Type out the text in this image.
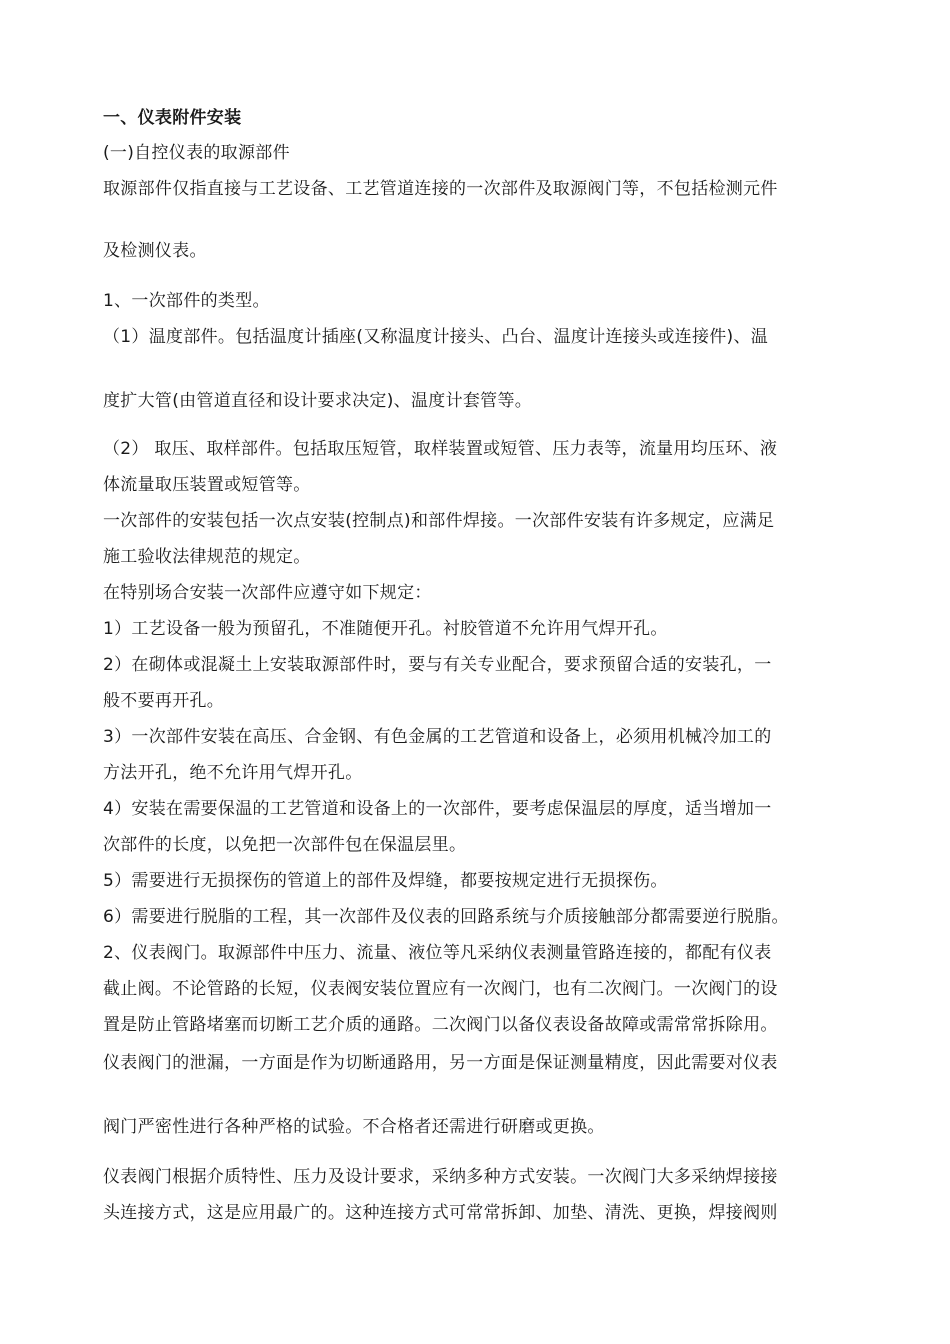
一、仪表附件安装
(一)自控仪表的取源部件
取源部件仅指直接与工艺设备、工艺管道连接的一次部件及取源阀门等，不包括检测元件
及检测仪表。
1、一次部件的类型。
（1）温度部件。包括温度计插座(又称温度计接头、凸台、温度计连接头或连接件)、温
度扩大管(由管道直径和设计要求决定)、温度计套管等。
（2） 取压、取样部件。包括取压短管，取样装置或短管、压力表等，流量用均压环、液
体流量取压装置或短管等。
一次部件的安装包括一次点安装(控制点)和部件焊接。一次部件安装有许多规定，应满足
施工验收法律规范的规定。
在特别场合安装一次部件应遵守如下规定：
1）工艺设备一般为预留孔，不准随便开孔。衬胶管道不允许用气焊开孔。
2）在砌体或混凝土上安装取源部件时，要与有关专业配合，要求预留合适的安装孔，一
般不要再开孔。
3）一次部件安装在高压、合金钢、有色金属的工艺管道和设备上，必须用机械冷加工的
方法开孔，绝不允许用气焊开孔。
4）安装在需要保温的工艺管道和设备上的一次部件，要考虑保温层的厚度，适当增加一
次部件的长度，以免把一次部件包在保温层里。
5）需要进行无损探伤的管道上的部件及焊缝，都要按规定进行无损探伤。
6）需要进行脱脂的工程，其一次部件及仪表的回路系统与介质接触部分都需要逆行脱脂。
2、仪表阀门。取源部件中压力、流量、液位等凡采纳仪表测量管路连接的，都配有仪表
截止阀。不论管路的长短，仪表阀安装位置应有一次阀门，也有二次阀门。一次阀门的设
置是防止管路堵塞而切断工艺介质的通路。二次阀门以备仪表设备故障或需常常拆除用。
仪表阀门的泄漏，一方面是作为切断通路用，另一方面是保证测量精度，因此需要对仪表
阀门严密性进行各种严格的试验。不合格者还需进行研磨或更换。
仪表阀门根据介质特性、压力及设计要求，采纳多种方式安装。一次阀门大多采纳焊接接
头连接方式，这是应用最广的。这种连接方式可常常拆卸、加垫、清洗、更换，焊接阀则
